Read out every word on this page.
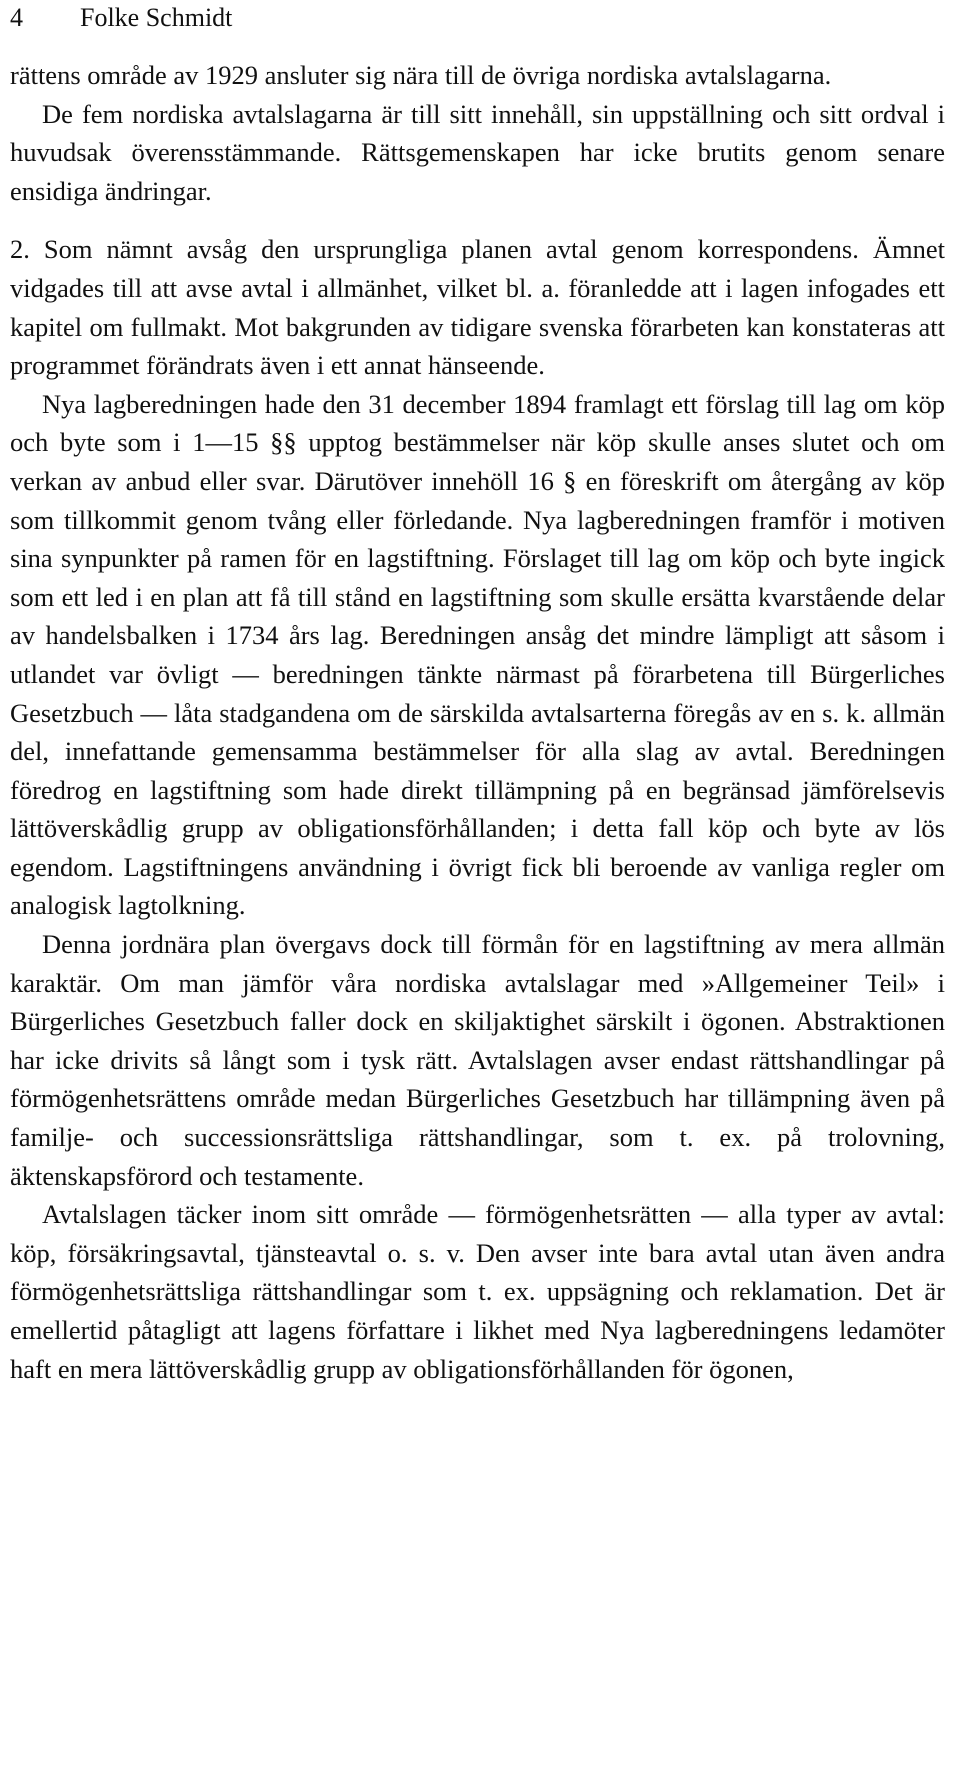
4 Folke Schmidt

rättens område av 1929 ansluter sig nära till de övriga nordiska avtalslagarna.

De fem nordiska avtalslagarna är till sitt innehåll, sin uppställning och sitt ordval i huvudsak överensstämmande. Rättsgemenskapen har icke brutits genom senare ensidiga ändringar.

2. Som nämnt avsåg den ursprungliga planen avtal genom korrespondens. Ämnet vidgades till att avse avtal i allmänhet, vilket bl. a. föranledde att i lagen infogades ett kapitel om fullmakt. Mot bakgrunden av tidigare svenska förarbeten kan konstateras att programmet förändrats även i ett annat hänseende.

Nya lagberedningen hade den 31 december 1894 framlagt ett förslag till lag om köp och byte som i 1—15 §§ upptog bestämmelser när köp skulle anses slutet och om verkan av anbud eller svar. Därutöver innehöll 16 § en föreskrift om återgång av köp som tillkommit genom tvång eller förledande. Nya lagberedningen framför i motiven sina synpunkter på ramen för en lagstiftning. Förslaget till lag om köp och byte ingick som ett led i en plan att få till stånd en lagstiftning som skulle ersätta kvarstående delar av handelsbalken i 1734 års lag. Beredningen ansåg det mindre lämpligt att såsom i utlandet var övligt — beredningen tänkte närmast på förarbetena till Bürgerliches Gesetzbuch — låta stadgandena om de särskilda avtalsarterna föregås av en s. k. allmän del, innefattande gemensamma bestämmelser för alla slag av avtal. Beredningen föredrog en lagstiftning som hade direkt tillämpning på en begränsad jämförelsevis lättöverskådlig grupp av obligationsförhållanden; i detta fall köp och byte av lös egendom. Lagstiftningens användning i övrigt fick bli beroende av vanliga regler om analogisk lagtolkning.

Denna jordnära plan övergavs dock till förmån för en lagstiftning av mera allmän karaktär. Om man jämför våra nordiska avtalslagar med »Allgemeiner Teil» i Bürgerliches Gesetzbuch faller dock en skiljaktighet särskilt i ögonen. Abstraktionen har icke drivits så långt som i tysk rätt. Avtalslagen avser endast rättshandlingar på förmögenhetsrättens område medan Bürgerliches Gesetzbuch har tillämpning även på familje- och successionsrättsliga rättshandlingar, som t. ex. på trolovning, äktenskapsförord och testamente.

Avtalslagen täcker inom sitt område — förmögenhetsrätten — alla typer av avtal: köp, försäkringsavtal, tjänsteavtal o. s. v. Den avser inte bara avtal utan även andra förmögenhetsrättsliga rättshandlingar som t. ex. uppsägning och reklamation. Det är emellertid påtagligt att lagens författare i likhet med Nya lagberedningens ledamöter haft en mera lättöverskådlig grupp av obligationsförhållanden för ögonen,
